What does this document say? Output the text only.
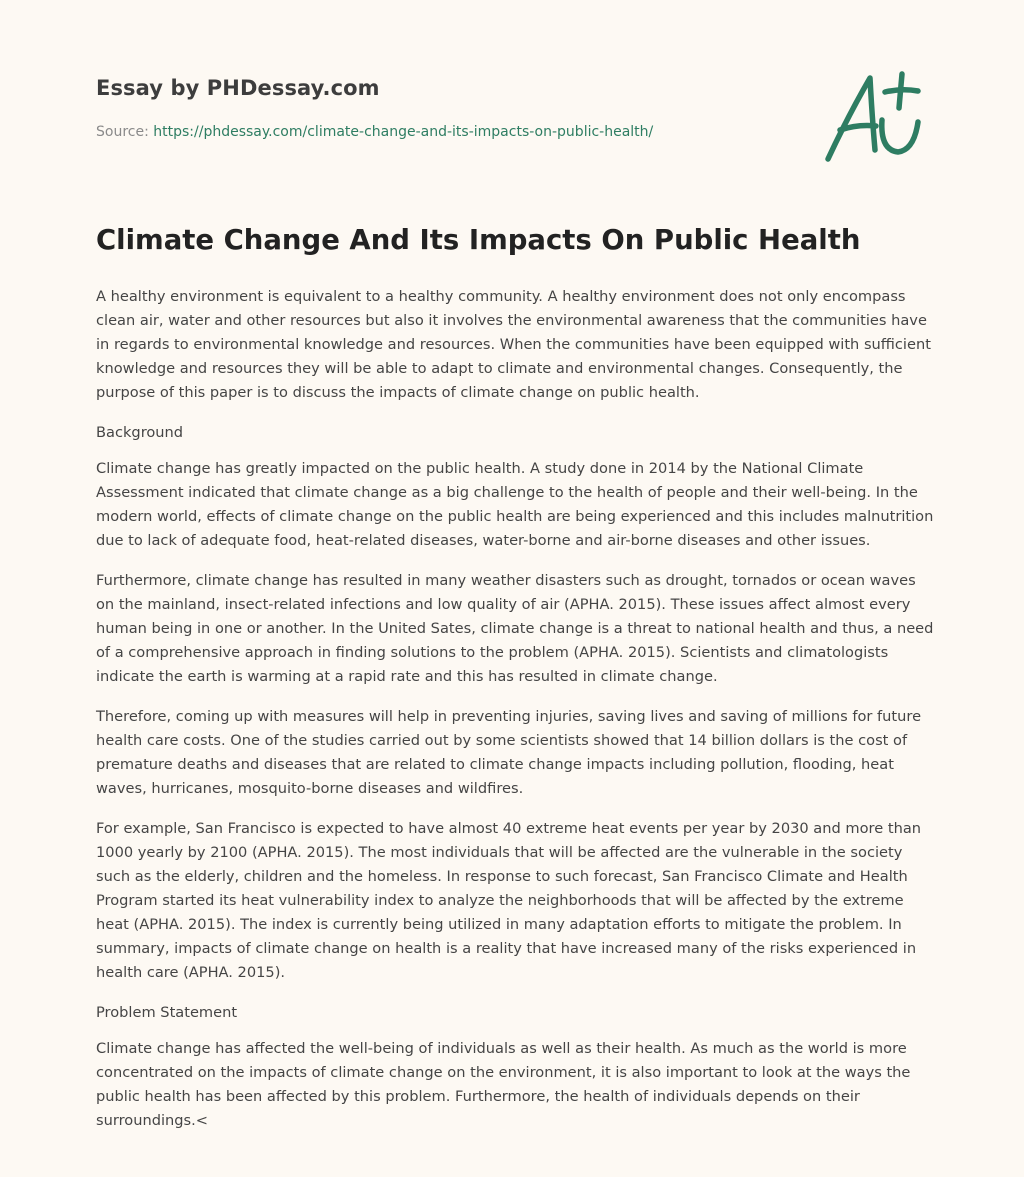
Essay by PHDessay.com
Source: https://phdessay.com/climate-change-and-its-impacts-on-public-health/
Climate Change And Its Impacts On Public Health

A healthy environment is equivalent to a healthy community. A healthy environment does not only encompass clean air, water and other resources but also it involves the environmental awareness that the communities have in regards to environmental knowledge and resources. When the communities have been equipped with sufficient knowledge and resources they will be able to adapt to climate and environmental changes. Consequently, the purpose of this paper is to discuss the impacts of climate change on public health.

Background

Climate change has greatly impacted on the public health. A study done in 2014 by the National Climate Assessment indicated that climate change as a big challenge to the health of people and their well-being. In the modern world, effects of climate change on the public health are being experienced and this includes malnutrition due to lack of adequate food, heat-related diseases, water-borne and air-borne diseases and other issues.

Furthermore, climate change has resulted in many weather disasters such as drought, tornados or ocean waves on the mainland, insect-related infections and low quality of air (APHA. 2015). These issues affect almost every human being in one or another. In the United Sates, climate change is a threat to national health and thus, a need of a comprehensive approach in finding solutions to the problem (APHA. 2015). Scientists and climatologists indicate the earth is warming at a rapid rate and this has resulted in climate change.

Therefore, coming up with measures will help in preventing injuries, saving lives and saving of millions for future health care costs. One of the studies carried out by some scientists showed that 14 billion dollars is the cost of premature deaths and diseases that are related to climate change impacts including pollution, flooding, heat waves, hurricanes, mosquito-borne diseases and wildfires.

For example, San Francisco is expected to have almost 40 extreme heat events per year by 2030 and more than 1000 yearly by 2100 (APHA. 2015). The most individuals that will be affected are the vulnerable in the society such as the elderly, children and the homeless. In response to such forecast, San Francisco Climate and Health Program started its heat vulnerability index to analyze the neighborhoods that will be affected by the extreme heat (APHA. 2015). The index is currently being utilized in many adaptation efforts to mitigate the problem. In summary, impacts of climate change on health is a reality that have increased many of the risks experienced in health care (APHA. 2015).

Problem Statement

Climate change has affected the well-being of individuals as well as their health. As much as the world is more concentrated on the impacts of climate change on the environment, it is also important to look at the ways the public health has been affected by this problem. Furthermore, the health of individuals depends on their surroundings.<
